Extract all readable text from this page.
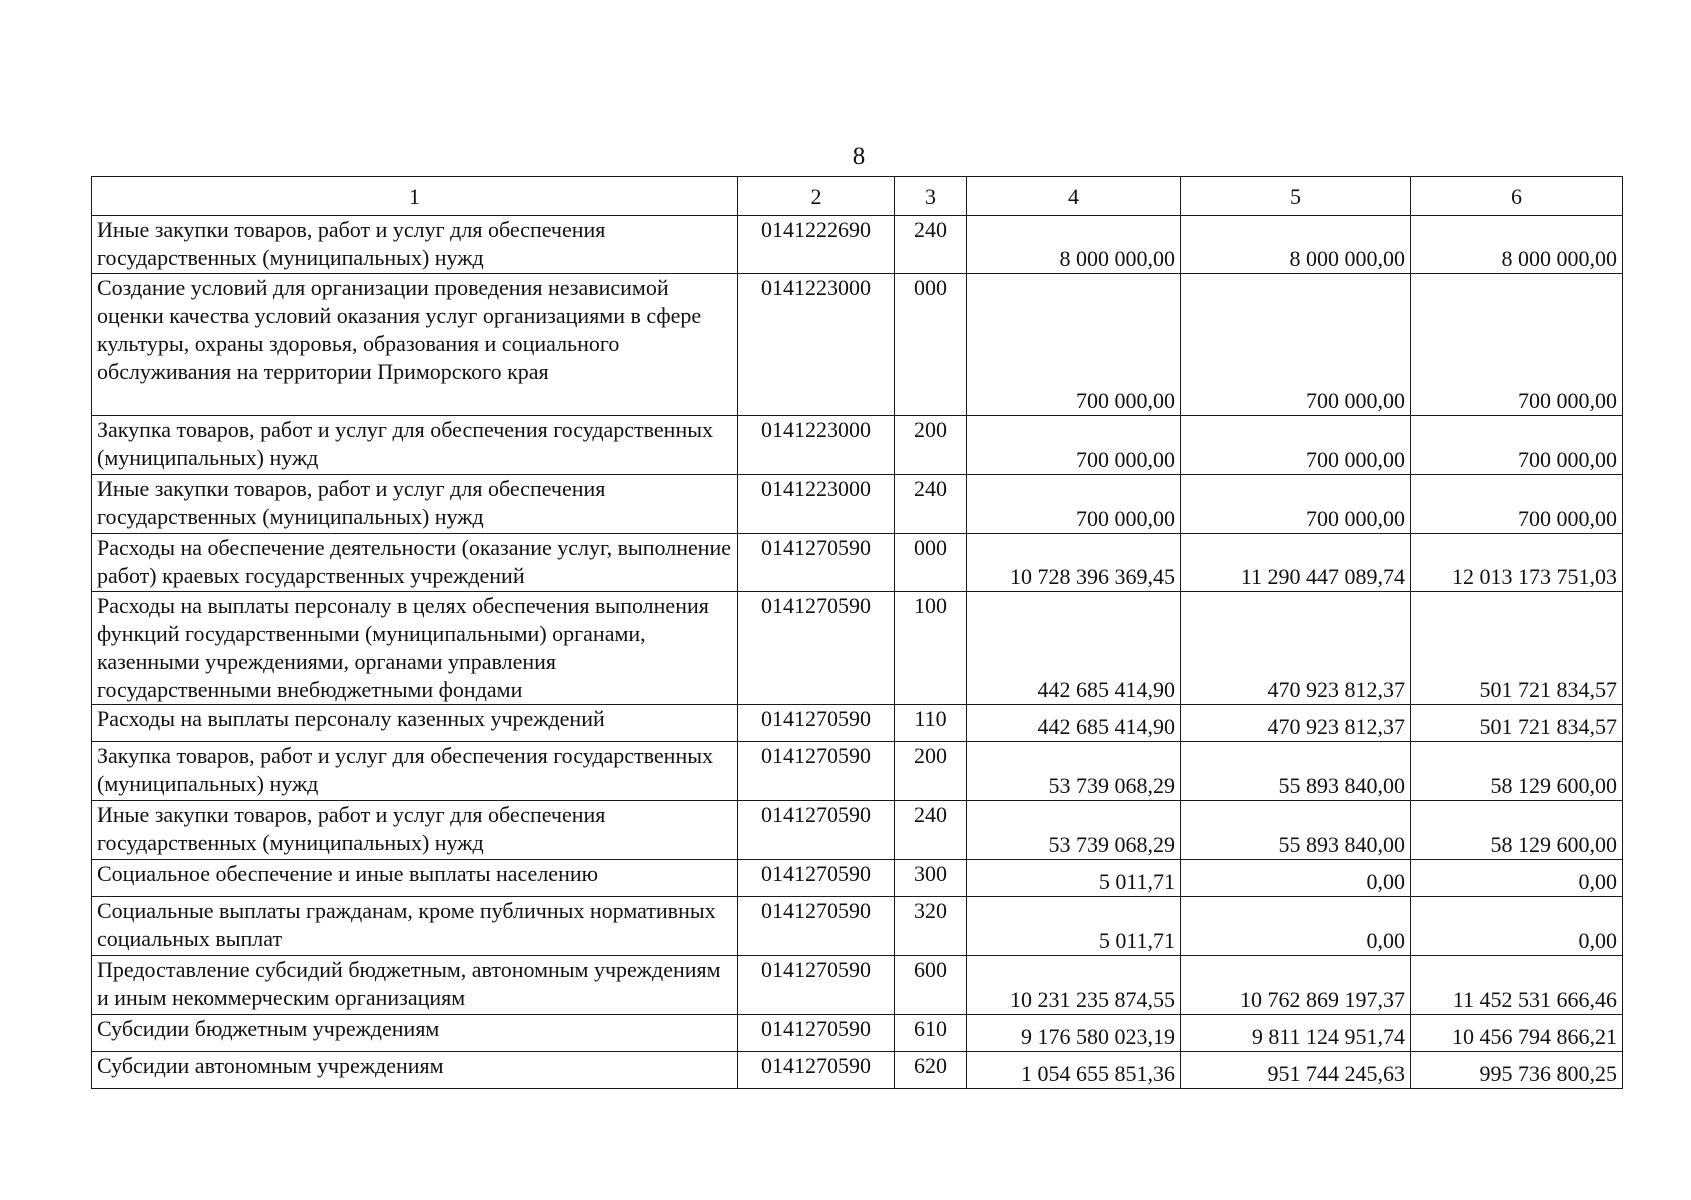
8
1	2	3	4	5	6
Иные закупки товаров, работ и услуг для обеспечения государственных (муниципальных) нужд	0141222690	240	8 000 000,00	8 000 000,00	8 000 000,00
Создание условий для организации проведения независимой оценки качества условий оказания услуг организациями в сфере культуры, охраны здоровья, образования и социального обслуживания на территории Приморского края	0141223000	000	700 000,00	700 000,00	700 000,00
Закупка товаров, работ и услуг для обеспечения государственных (муниципальных) нужд	0141223000	200	700 000,00	700 000,00	700 000,00
Иные закупки товаров, работ и услуг для обеспечения государственных (муниципальных) нужд	0141223000	240	700 000,00	700 000,00	700 000,00
Расходы на обеспечение деятельности (оказание услуг, выполнение работ) краевых государственных учреждений	0141270590	000	10 728 396 369,45	11 290 447 089,74	12 013 173 751,03
Расходы на выплаты персоналу в целях обеспечения выполнения функций государственными (муниципальными) органами, казенными учреждениями, органами управления государственными внебюджетными фондами	0141270590	100	442 685 414,90	470 923 812,37	501 721 834,57
Расходы на выплаты персоналу казенных учреждений	0141270590	110	442 685 414,90	470 923 812,37	501 721 834,57
Закупка товаров, работ и услуг для обеспечения государственных (муниципальных) нужд	0141270590	200	53 739 068,29	55 893 840,00	58 129 600,00
Иные закупки товаров, работ и услуг для обеспечения государственных (муниципальных) нужд	0141270590	240	53 739 068,29	55 893 840,00	58 129 600,00
Социальное обеспечение и иные выплаты населению	0141270590	300	5 011,71	0,00	0,00
Социальные выплаты гражданам, кроме публичных нормативных социальных выплат	0141270590	320	5 011,71	0,00	0,00
Предоставление субсидий бюджетным, автономным учреждениям и иным некоммерческим организациям	0141270590	600	10 231 235 874,55	10 762 869 197,37	11 452 531 666,46
Субсидии бюджетным учреждениям	0141270590	610	9 176 580 023,19	9 811 124 951,74	10 456 794 866,21
Субсидии автономным учреждениям	0141270590	620	1 054 655 851,36	951 744 245,63	995 736 800,25
